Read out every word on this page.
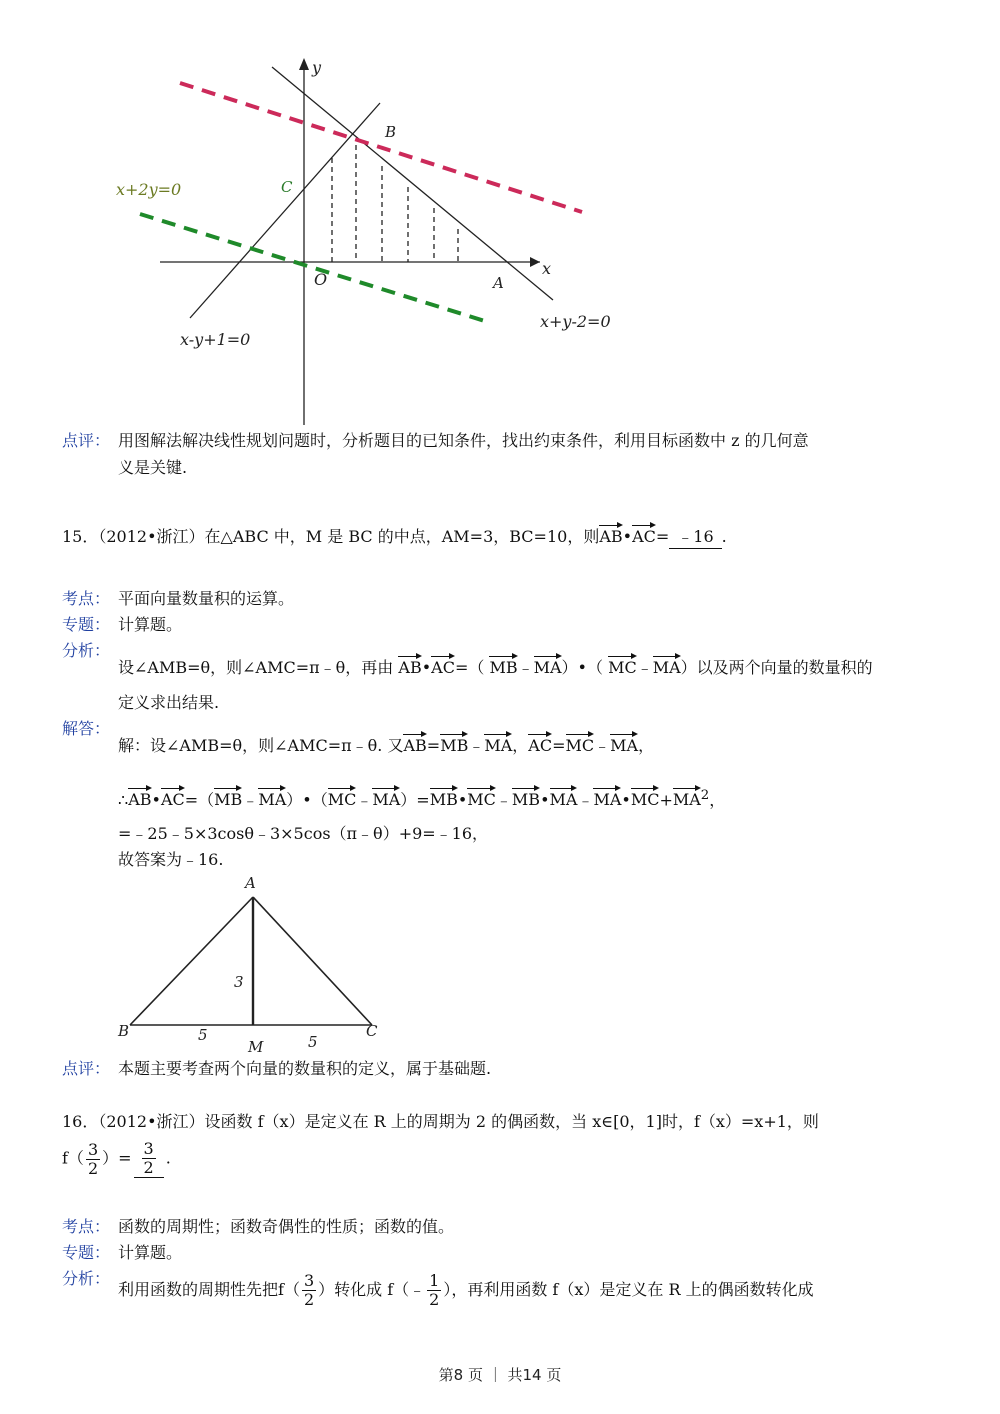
y
x
O	A
B
C
x+2y=0
x-y+1=0
x+y-2=0
点评： 用图解法解决线性规划问题时，分析题目的已知条件，找出约束条件，利用目标函数中 z 的几何意
义是关键.
15．（2012•浙江）在△ABC 中，M 是 BC 的中点，AM=3，BC=10，则AB•AC= ﹣16 .
考点： 平面向量数量积的运算。
专题： 计算题。
分析：
设∠AMB=θ，则∠AMC=π﹣θ，再由 AB•AC=（ MB﹣MA）•（ MC﹣MA）以及两个向量的数量积的
定义求出结果.
解答：
解：设∠AMB=θ，则∠AMC=π﹣θ. 又AB=MB﹣MA，AC=MC﹣MA，
$\therefore AB•AC=(MB﹣MA)•(MC﹣MA)=MB•MC﹣MB•MA﹣MA•MC+MA^2$，
=﹣25﹣5×3cosθ﹣3×5cos（π﹣θ）+9=﹣16，
故答案为﹣16.
A
B	C
M
3
5	5
点评： 本题主要考查两个向量的数量积的定义，属于基础题.
16．（2012•浙江）设函数 f（x）是定义在 R 上的周期为 2 的偶函数，当 x∈[0，1]时，f（x）=x+1，则
$f( \frac{3}{2}$ ）= $\frac{3}{2}$ .
考点： 函数的周期性；函数奇偶性的性质；函数的值。
专题： 计算题。
分析：
利用函数的周期性先把$f( \frac{3}{2}$ ）转化成 f（﹣ $\frac{1}{2}$ ），再利用函数 f（x）是定义在 R 上的偶函数转化成
第8 页 ｜ 共14 页
